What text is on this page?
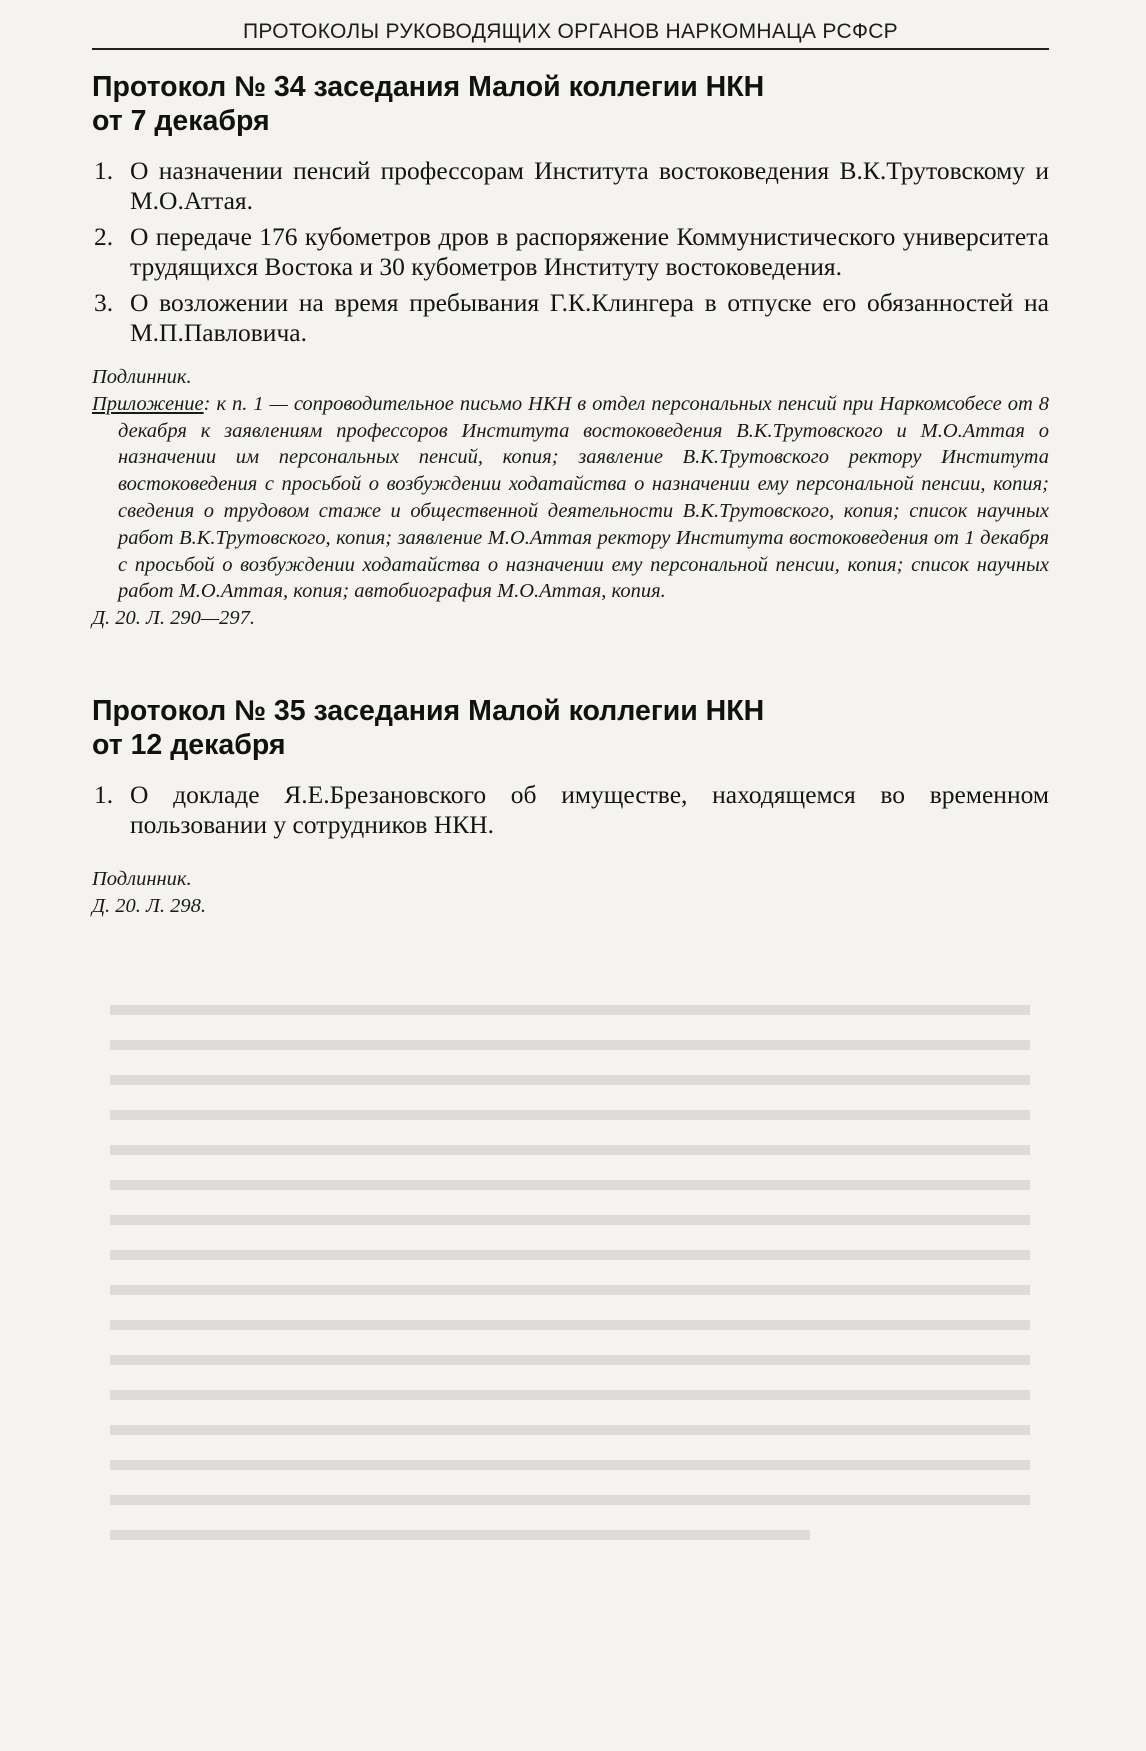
ПРОТОКОЛЫ РУКОВОДЯЩИХ ОРГАНОВ НАРКОМНАЦА РСФСР
Протокол № 34 заседания Малой коллегии НКН
от 7 декабря
1. О назначении пенсий профессорам Института востоковедения В.К.Трутовскому и М.О.Аттая.
2. О передаче 176 кубометров дров в распоряжение Коммунистического университета трудящихся Востока и 30 кубометров Институту востоковедения.
3. О возложении на время пребывания Г.К.Клингера в отпуске его обязанностей на М.П.Павловича.

Подлинник.

Приложение: к п. 1 — сопроводительное письмо НКН в отдел персональных пенсий при Наркомсобесе от 8 декабря к заявлениям профессоров Института востоковедения В.К.Трутовского и М.О.Аттая о назначении им персональных пенсий, копия; заявление В.К.Трутовского ректору Института востоковедения с просьбой о возбуждении ходатайства о назначении ему персональной пенсии, копия; сведения о трудовом стаже и общественной деятельности В.К.Трутовского, копия; список научных работ В.К.Трутовского, копия; заявление М.О.Аттая ректору Института востоковедения от 1 декабря с просьбой о возбуждении ходатайства о назначении ему персональной пенсии, копия; список научных работ М.О.Аттая, копия; автобиография М.О.Аттая, копия.

Д. 20. Л. 290—297.

Протокол № 35 заседания Малой коллегии НКН
от 12 декабря
1. О докладе Я.Е.Брезановского об имуществе, находящемся во временном пользовании у сотрудников НКН.

Подлинник.

Д. 20. Л. 298.
